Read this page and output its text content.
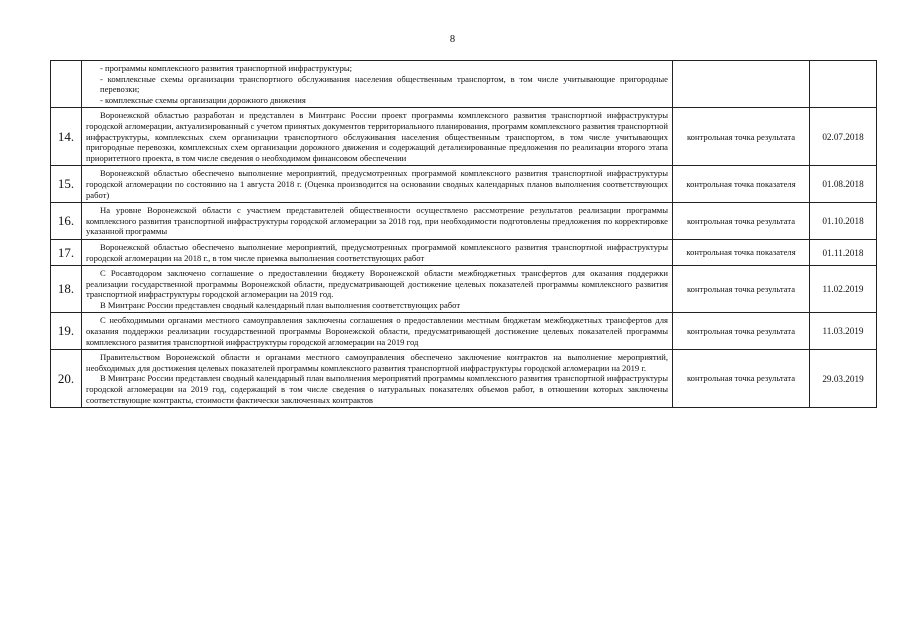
8

	- программы комплексного развития транспортной инфраструктуры;

- комплексные схемы организации транспортного обслуживания населения общественным транспортом, в том числе учитывающие пригородные перевозки;

- комплексные схемы организации дорожного движения		

14.	Воронежской областью разработан и представлен в Минтранс России проект программы комплексного развития транспортной инфраструктуры городской агломерации, актуализированный с учетом принятых документов территориального планирования, программ комплексного развития транспортной инфраструктуры, комплексных схем организации транспортного обслуживания населения общественным транспортом, в том числе учитывающих пригородные перевозки, комплексных схем организации дорожного движения и содержащий детализированные предложения по реализации второго этапа приоритетного проекта, в том числе сведения о необходимом финансовом обеспечении	контрольная точка результата	02.07.2018
15.	Воронежской областью обеспечено выполнение мероприятий, предусмотренных программой комплексного развития транспортной инфраструктуры городской агломерации по состоянию на 1 августа 2018 г. (Оценка производится на основании сводных календарных планов выполнения соответствующих работ)	контрольная точка показателя	01.08.2018
16.	На уровне Воронежской области с участием представителей общественности осуществлено рассмотрение результатов реализации программы комплексного развития транспортной инфраструктуры городской агломерации за 2018 год, при необходимости подготовлены предложения по корректировке указанной программы	контрольная точка результата	01.10.2018
17.	Воронежской областью обеспечено выполнение мероприятий, предусмотренных программой комплексного развития транспортной инфраструктуры городской агломерации на 2018 г., в том числе приемка выполнения соответствующих работ	контрольная точка показателя	01.11.2018
18.	С Росавтодором заключено соглашение о предоставлении бюджету Воронежской области межбюджетных трансфертов для оказания поддержки реализации государственной программы Воронежской области, предусматривающей достижение целевых показателей программы комплексного развития транспортной инфраструктуры городской агломерации на 2019 год.

В Минтранс России представлен сводный календарный план выполнения соответствующих работ	контрольная точка результата	11.02.2019
19.	С необходимыми органами местного самоуправления заключены соглашения о предоставлении местным бюджетам межбюджетных трансфертов для оказания поддержки реализации государственной программы Воронежской области, предусматривающей достижение целевых показателей программы комплексного развития транспортной инфраструктуры городской агломерации на 2019 год	контрольная точка результата	11.03.2019
20.	Правительством Воронежской области и органами местного самоуправления обеспечено заключение контрактов на выполнение мероприятий, необходимых для достижения целевых показателей программы комплексного развития транспортной инфраструктуры городской агломерации на 2019 г.

В Минтранс России представлен сводный календарный план выполнения мероприятий программы комплексного развития транспортной инфраструктуры городской агломерации на 2019 год, содержащий в том числе сведения о натуральных показателях объемов работ, в отношении которых заключены соответствующие контракты, стоимости фактически заключенных контрактов	контрольная точка результата	29.03.2019
